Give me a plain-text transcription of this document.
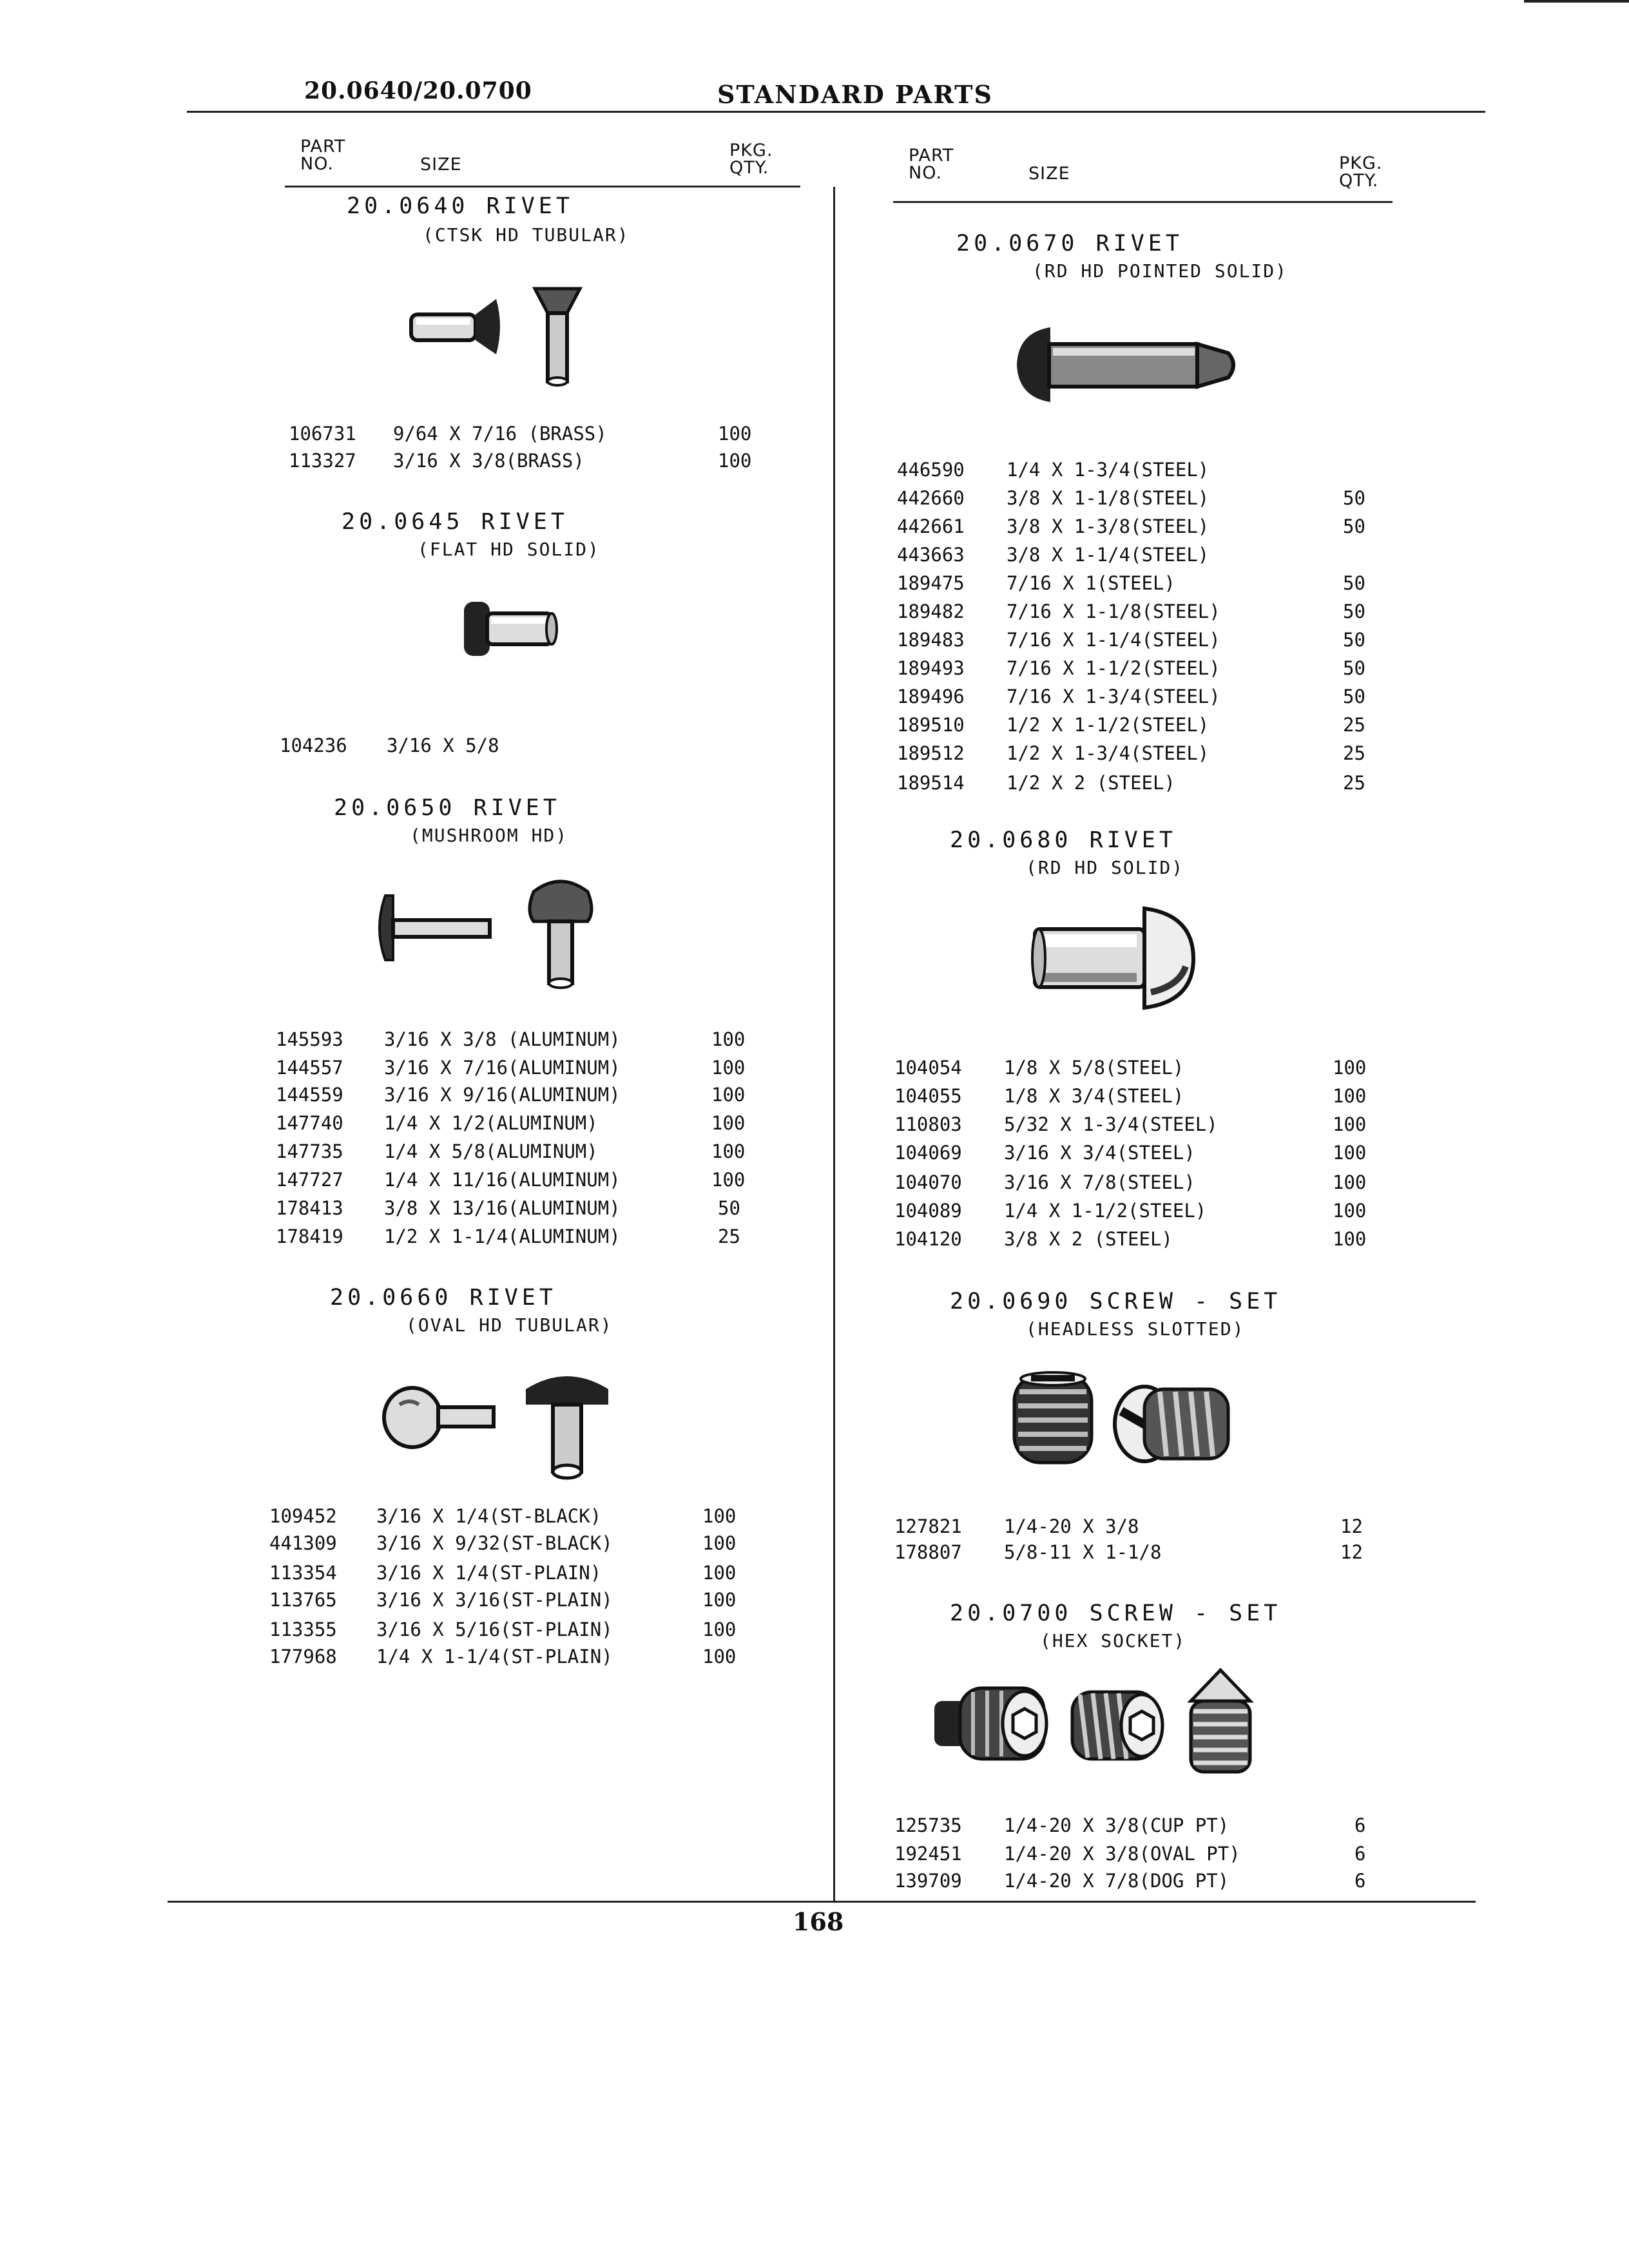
20.0640/20.0700	STANDARD PARTS
PART
NO.	SIZE
PKG.
QTY.
PART
NO.	SIZE
PKG.
QTY.
20.0640 RIVET
(CTSK HD TUBULAR)
106731 9/64 X 7/16 (BRASS)	100
113327 3/16 X 3/8(BRASS)	100
20.0645 RIVET
(FLAT HD SOLID)
104236 3/16 X 5/8
20.0650 RIVET
(MUSHROOM HD)
145593 3/16 X 3/8 (ALUMINUM)	100
144557 3/16 X 7/16(ALUMINUM)	100
144559 3/16 X 9/16(ALUMINUM)	100
147740 1/4 X 1/2(ALUMINUM)	100
147735 1/4 X 5/8(ALUMINUM)	100
147727 1/4 X 11/16(ALUMINUM)	100
178413 3/8 X 13/16(ALUMINUM)	50
178419 1/2 X 1-1/4(ALUMINUM)	25
20.0660 RIVET
(OVAL HD TUBULAR)
109452 3/16 X 1/4(ST-BLACK)	100
441309 3/16 X 9/32(ST-BLACK)	100
113354 3/16 X 1/4(ST-PLAIN)	100
113765 3/16 X 3/16(ST-PLAIN)	100
113355 3/16 X 5/16(ST-PLAIN)	100
177968 1/4 X 1-1/4(ST-PLAIN)	100
20.0670 RIVET
(RD HD POINTED SOLID)
446590 1/4 X 1-3/4(STEEL)
442660 3/8 X 1-1/8(STEEL)	50
442661 3/8 X 1-3/8(STEEL)	50
443663 3/8 X 1-1/4(STEEL)
189475 7/16 X 1(STEEL)	50
189482 7/16 X 1-1/8(STEEL)	50
189483 7/16 X 1-1/4(STEEL)	50
189493 7/16 X 1-1/2(STEEL)	50
189496 7/16 X 1-3/4(STEEL)	50
189510 1/2 X 1-1/2(STEEL)	25
189512 1/2 X 1-3/4(STEEL)	25
189514 1/2 X 2 (STEEL)	25
20.0680 RIVET
(RD HD SOLID)
104054 1/8 X 5/8(STEEL)	100
104055 1/8 X 3/4(STEEL)	100
110803 5/32 X 1-3/4(STEEL)	100
104069 3/16 X 3/4(STEEL)	100
104070 3/16 X 7/8(STEEL)	100
104089 1/4 X 1-1/2(STEEL)	100
104120 3/8 X 2 (STEEL)	100
20.0690 SCREW - SET
(HEADLESS SLOTTED)
127821 1/4-20 X 3/8	12
178807 5/8-11 X 1-1/8	12
20.0700 SCREW - SET
(HEX SOCKET)
125735 1/4-20 X 3/8(CUP PT)	6
192451 1/4-20 X 3/8(OVAL PT)	6
139709 1/4-20 X 7/8(DOG PT)	6
168
